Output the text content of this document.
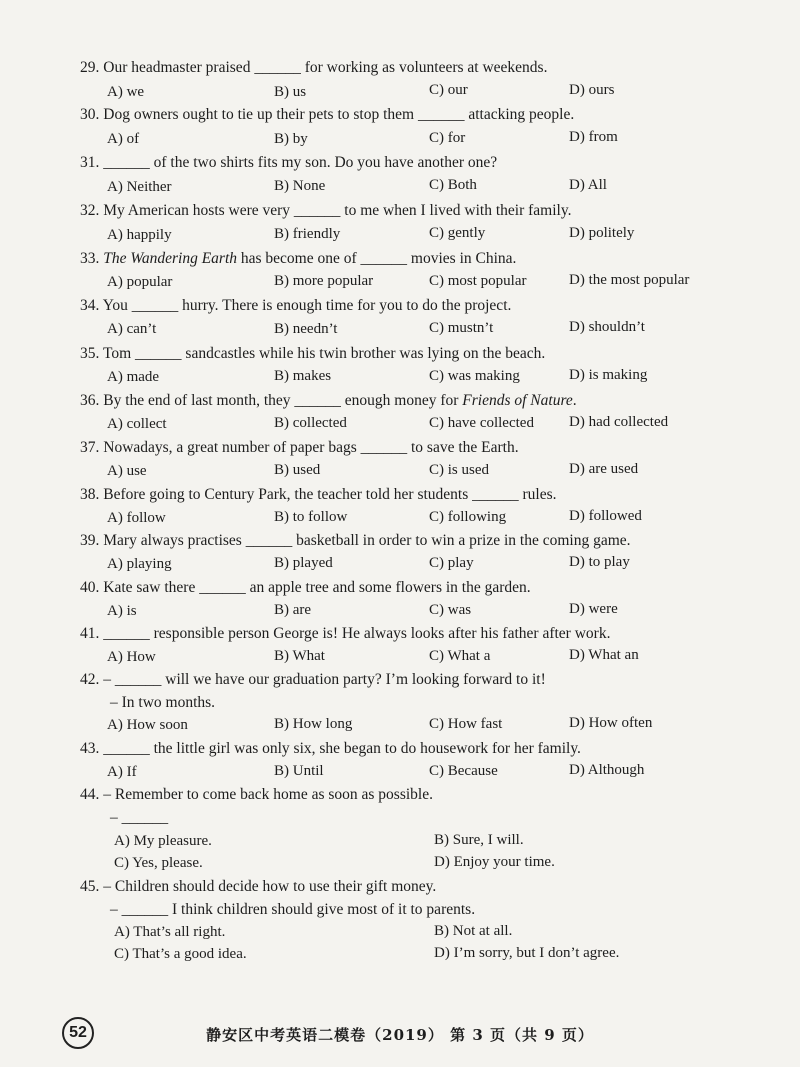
29. Our headmaster praised ______ for working as volunteers at weekends.
A) we	B) us	C) our	D) ours
30. Dog owners ought to tie up their pets to stop them ______ attacking people.
A) of	B) by	C) for	D) from
31. ______ of the two shirts fits my son. Do you have another one?
A) Neither	B) None	C) Both	D) All
32. My American hosts were very ______ to me when I lived with their family.
A) happily	B) friendly	C) gently	D) politely
33. The Wandering Earth has become one of ______ movies in China.
A) popular	B) more popular	C) most popular	D) the most popular
34. You ______ hurry. There is enough time for you to do the project.
A) can’t	B) needn’t	C) mustn’t	D) shouldn’t
35. Tom ______ sandcastles while his twin brother was lying on the beach.
A) made	B) makes	C) was making	D) is making
36. By the end of last month, they ______ enough money for Friends of Nature.
A) collect	B) collected	C) have collected D) had collected
37. Nowadays, a great number of paper bags ______ to save the Earth.
A) use	B) used	C) is used	D) are used
38. Before going to Century Park, the teacher told her students ______ rules.
A) follow	B) to follow	C) following	D) followed
39. Mary always practises ______ basketball in order to win a prize in the coming game.
A) playing	B) played	C) play	D) to play
40. Kate saw there ______ an apple tree and some flowers in the garden.
A) is	B) are	C) was	D) were
41. ______ responsible person George is! He always looks after his father after work.
A) How	B) What	C) What a	D) What an
42. – ______ will we have our graduation party? I’m looking forward to it!
– In two months.
A) How soon	B) How long	C) How fast	D) How often
43. ______ the little girl was only six, she began to do housework for her family.
A) If	B) Until	C) Because	D) Although
44. – Remember to come back home as soon as possible.
– ______
A) My pleasure.	B) Sure, I will.
C) Yes, please.	D) Enjoy your time.
45. – Children should decide how to use their gift money.
– ______ I think children should give most of it to parents.
A) That’s all right.	B) Not at all.
C) That’s a good idea.	D) I’m sorry, but I don’t agree.
52	静安区中考英语二模卷（2019） 第 3 页（共 9 页）
